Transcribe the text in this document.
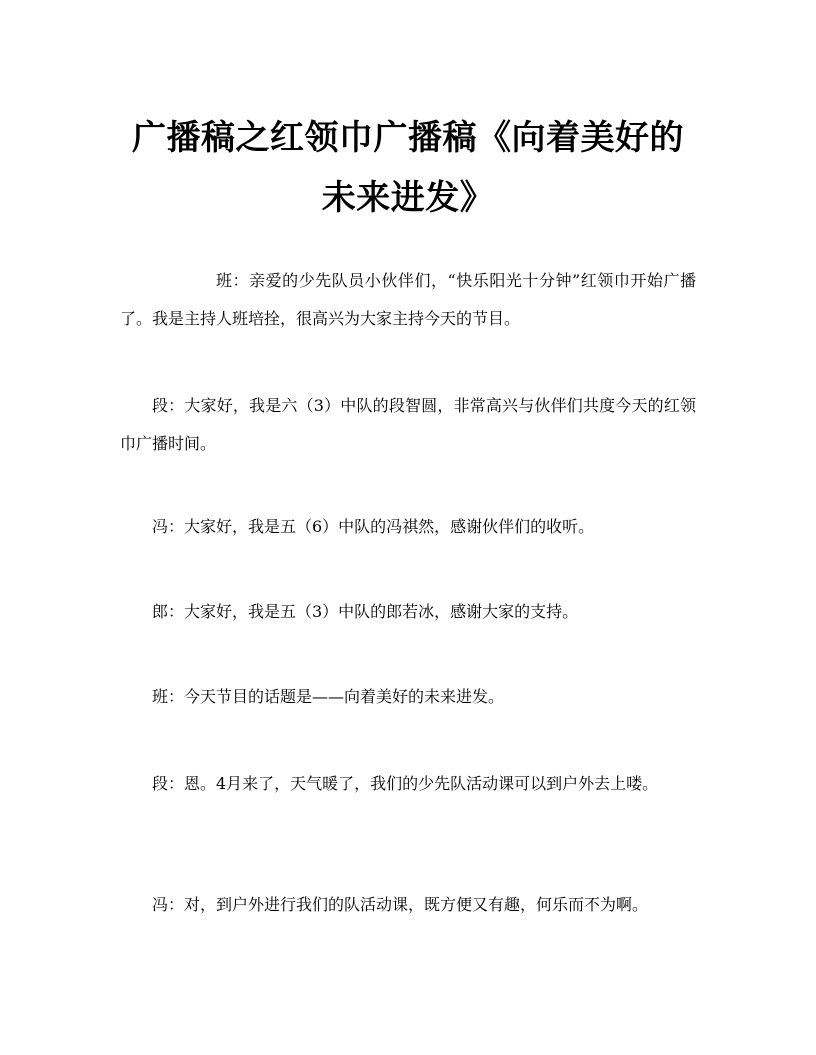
广播稿之红领巾广播稿《向着美好的未来进发》
班：亲爱的少先队员小伙伴们，“快乐阳光十分钟”红领巾开始广播了。我是主持人班培拴，很高兴为大家主持今天的节目。
段：大家好，我是六（3）中队的段智圆，非常高兴与伙伴们共度今天的红领巾广播时间。
冯：大家好，我是五（6）中队的冯祺然，感谢伙伴们的收听。
郎：大家好，我是五（3）中队的郎若冰，感谢大家的支持。
班：今天节目的话题是——向着美好的未来进发。
段：恩。4月来了，天气暖了，我们的少先队活动课可以到户外去上喽。
冯：对，到户外进行我们的队活动课，既方便又有趣，何乐而不为啊。
